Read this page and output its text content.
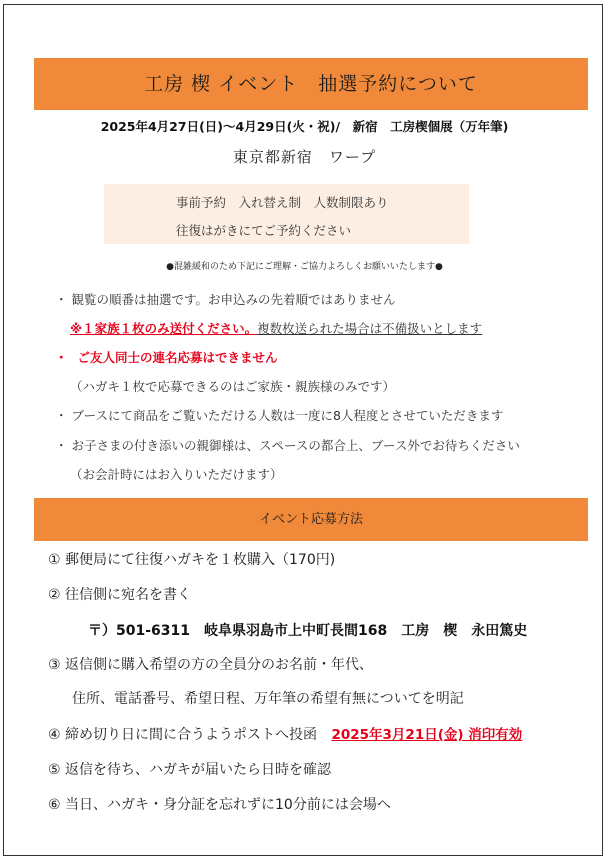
工房 楔 イベント　抽選予約について
2025年4月27日(日)～4月29日(火・祝)/　新宿　工房楔個展（万年筆)
東京都新宿　ワープ
事前予約　入れ替え制　人数制限あり
往復はがきにてご予約ください
●混雑緩和のため下記にご理解・ご協力よろしくお願いいたします●
・ 観覧の順番は抽選です。お申込みの先着順ではありません
※１家族１枚のみ送付ください。複数枚送られた場合は不備扱いとします
・ ご友人同士の連名応募はできません
（ハガキ１枚で応募できるのはご家族・親族様のみです）
・ ブースにて商品をご覧いただける人数は一度に8人程度とさせていただきます
・ お子さまの付き添いの親御様は、スペースの都合上、ブース外でお待ちください
（お会計時にはお入りいただけます）
イベント応募方法
① 郵便局にて往復ハガキを１枚購入（170円)
② 往信側に宛名を書く
〒）501-6311　岐阜県羽島市上中町長間168　工房　楔　永田篤史
③ 返信側に購入希望の方の全員分のお名前・年代、
住所、電話番号、希望日程、万年筆の希望有無についてを明記
④ 締め切り日に間に合うようポストへ投函 2025年3月21日(金) 消印有効
⑤ 返信を待ち、ハガキが届いたら日時を確認
⑥ 当日、ハガキ・身分証を忘れずに10分前には会場へ
